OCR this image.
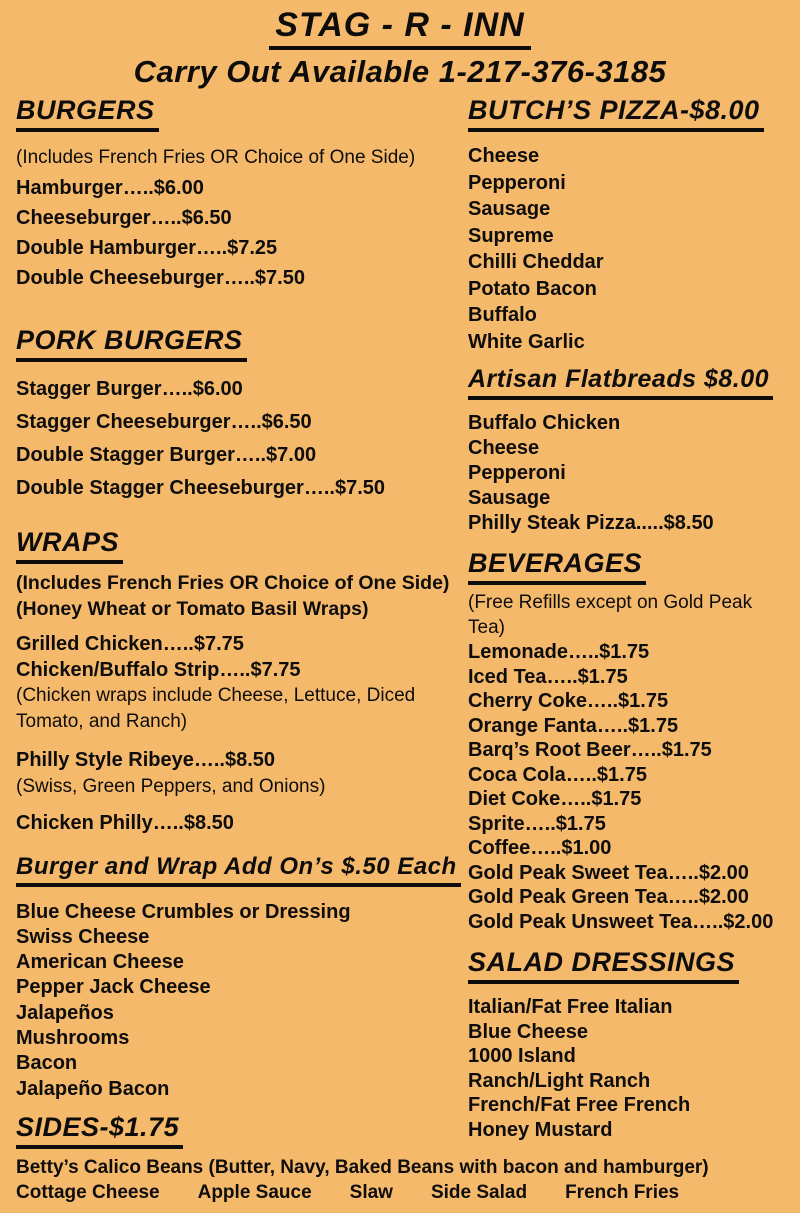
STAG - R - INN
Carry Out Available 1-217-376-3185
BURGERS
(Includes French Fries OR Choice of One Side)
Hamburger…..$6.00
Cheeseburger…..$6.50
Double Hamburger…..$7.25
Double Cheeseburger…..$7.50
PORK BURGERS
Stagger Burger…..$6.00
Stagger Cheeseburger…..$6.50
Double Stagger Burger…..$7.00
Double Stagger Cheeseburger…..$7.50
WRAPS
(Includes French Fries OR Choice of One Side)
(Honey Wheat or Tomato Basil Wraps)
Grilled Chicken…..$7.75
Chicken/Buffalo Strip…..$7.75
(Chicken wraps include Cheese, Lettuce, Diced Tomato, and Ranch)
Philly Style Ribeye…..$8.50
(Swiss, Green Peppers, and Onions)
Chicken Philly…..$8.50
Burger and Wrap Add On’s $.50 Each
Blue Cheese Crumbles or Dressing
Swiss Cheese
American Cheese
Pepper Jack Cheese
Jalapeños
Mushrooms
Bacon
Jalapeño Bacon
BUTCH’S PIZZA-$8.00
Cheese
Pepperoni
Sausage
Supreme
Chilli Cheddar
Potato Bacon
Buffalo
White Garlic
Artisan Flatbreads $8.00
Buffalo Chicken
Cheese
Pepperoni
Sausage
Philly Steak Pizza.....$8.50
BEVERAGES
(Free Refills except on Gold Peak Tea)
Lemonade…..$1.75
Iced Tea…..$1.75
Cherry Coke…..$1.75
Orange Fanta…..$1.75
Barq’s Root Beer…..$1.75
Coca Cola…..$1.75
Diet Coke…..$1.75
Sprite…..$1.75
Coffee…..$1.00
Gold Peak Sweet Tea…..$2.00
Gold Peak Green Tea…..$2.00
Gold Peak Unsweet Tea…..$2.00
SALAD DRESSINGS
Italian/Fat Free Italian
Blue Cheese
1000 Island
Ranch/Light Ranch
French/Fat Free French
Honey Mustard
SIDES-$1.75
Betty’s Calico Beans (Butter, Navy, Baked Beans with bacon and hamburger)
Cottage Cheese Apple Sauce Slaw Side Salad French Fries
